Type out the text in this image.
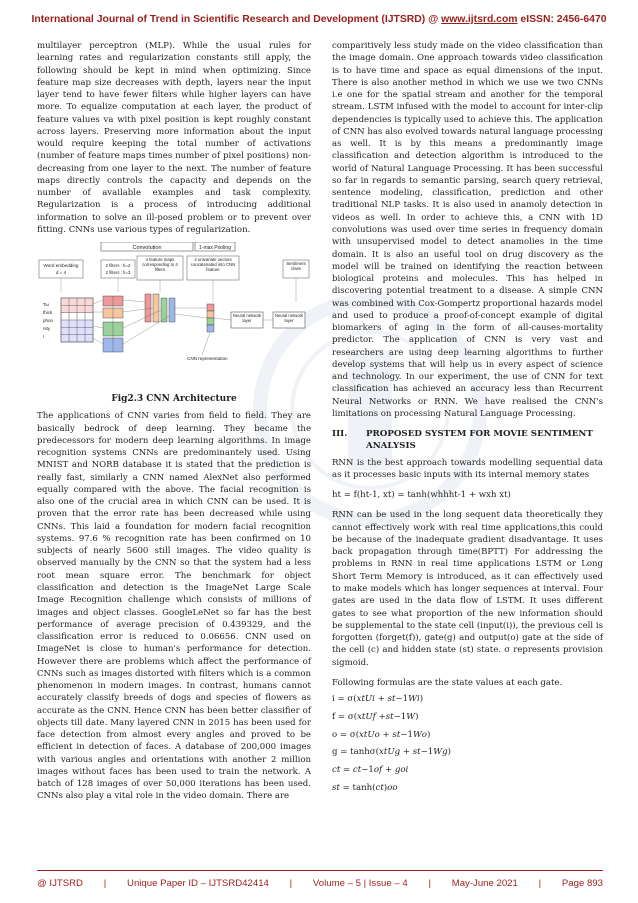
International Journal of Trend in Scientific Research and Development (IJTSRD) @ www.ijtsrd.com eISSN: 2456-6470

multilayer perceptron (MLP). While the usual rules for learning rates and regularization constants still apply, the following should be kept in mind when optimizing. Since feature map size decreases with depth, layers near the input layer tend to have fewer filters while higher layers can have more. To equalize computation at each layer, the product of feature values va with pixel position is kept roughly constant across layers. Preserving more information about the input would require keeping the total number of activations (number of feature maps times number of pixel positions) non-decreasing from one layer to the next. The number of feature maps directly controls the capacity and depends on the number of available examples and task complexity. Regularization is a process of introducing additional information to solve an ill-posed problem or to prevent over fitting. CNNs use various types of regularization.

Convolution	1-max Pooling
Word embedding
d = 4
2 filters : h=2
2 filters : h=3
4 feature maps corresponding to 4 filters
4 univariate vectors concatenated into CNN feature
Sentiment class
Ты
thick
phon
nity
!
Neural network layer
Neural network layer
CNN representation
Fig2.3 CNN Architecture

The applications of CNN varies from field to field. They are basically bedrock of deep learning. They became the predecessors for modern deep learning algorithms. In image recognition systems CNNs are predominantely used. Using MNIST and NORB database it is stated that the prediction is really fast, similarly a CNN named AlexNet also performed equally compared with the above. The facial recognition is also one of the crucial area in which CNN can be used. It is proven that the error rate has been decreased while using CNNs. This laid a foundation for modern facial recognition systems. 97.6 % recognition rate has been confirmed on 10 subjects of nearly 5600 still images. The video quality is observed manually by the CNN so that the system had a less root mean square error. The benchmark for object classification and detection is the ImageNet Large Scale Image Recognition challenge which consists of millions of images and object classes. GoogleLeNet so far has the best performance of average precision of 0.439329, and the classification error is reduced to 0.06656. CNN used on ImageNet is close to human's performance for detection. However there are problems which affect the performance of CNNs such as images distorted with filters which is a common phenomenon in modern images. In contrast, humans cannot accurately classify breeds of dogs and species of flowers as accurate as the CNN. Hence CNN has been better classifier of objects till date. Many layered CNN in 2015 has been used for face detection from almost every angles and proved to be efficient in detection of faces. A database of 200,000 images with various angles and orientations with another 2 million images without faces has been used to train the network. A batch of 128 images of over 50,000 iterations has been used. CNNs also play a vital role in the video domain. There are

comparitively less study made on the video classification than the image domain. One approach towards video classification is to have time and space as equal dimensions of the input. There is also another method in which we use we two CNNs i.e one for the spatial stream and another for the temporal stream. LSTM infused with the model to account for inter-clip dependencies is typically used to achieve this. The application of CNN has also evolved towards natural language processing as well. It is by this means a predominantly image classification and detection algorithm is introduced to the world of Natural Language Processing. It has been successful so far in regards to semantic parsing, search query retrieval, sentence modeling, classification, prediction and other traditional NLP tasks. It is also used in anamoly detection in videos as well. In order to achieve this, a CNN with 1D convolutions was used over time series in frequency domain with unsupervised model to detect anamolies in the time domain. It is also an useful tool on drug discovery as the model will be trained on identifying the reaction between biological proteins and molecules. This has helped in discovering potential treatment to a disease. A simple CNN was combined with Cox-Gompertz proportional hazards model and used to produce a proof-of-concept example of digital biomarkers of aging in the form of all-causes-mortality predictor. The application of CNN is very vast and researchers are using deep learning algorithms to further develop systems that will help us in every aspect of science and technology. In our experiment, the use of CNN for text classification has achieved an accuracy less than Recurrent Neural Networks or RNN. We have realised the CNN's limitations on processing Natural Language Processing.

III.	PROPOSED SYSTEM FOR MOVIE SENTIMENT ANALYSIS

RNN is the best approach towards modelling sequential data as it processes basic inputs with its internal memory states

ht = f(ht-1, xt) = tanh(whhht-1 + wxh xt)

RNN can be used in the long sequent data theoretically they cannot effectively work with real time applications,this could be because of the inadequate gradient disadvantage. It uses back propagation through time(BPTT) For addressing the problems in RNN in real time applications LSTM or Long Short Term Memory is introduced, as it can effectively used to make models which has longer sequences at interval. Four gates are used in the data flow of LSTM. It uses different gates to see what proportion of the new information should be supplemental to the state cell (input(i)), the previous cell is forgotten (forget(f)), gate(g) and output(o) gate at the side of the cell (c) and hidden state (st) state. σ represents provision sigmoid.

Following formulas are the state values at each gate.

i = σ(𝑥𝑡𝑈𝑖 + 𝑠𝑡−1𝑊𝑖)

f = σ(𝑥𝑡𝑈𝑓 +𝑠𝑡−1𝑊)

o = σ(𝑥𝑡𝑈𝑜 + 𝑠𝑡−1𝑊𝑜)

g = tanhσ(𝑥𝑡𝑈𝑔 + 𝑠𝑡−1𝑊𝑔)

𝑐𝑡 = 𝑐𝑡−1𝑜𝑓 + 𝑔𝑜𝑖

𝑠𝑡 = tanh(𝑐𝑡)𝑜𝑜

@ IJTSRD | Unique Paper ID – IJTSRD42414 | Volume – 5 | Issue – 4 | May-June 2021 | Page 893
